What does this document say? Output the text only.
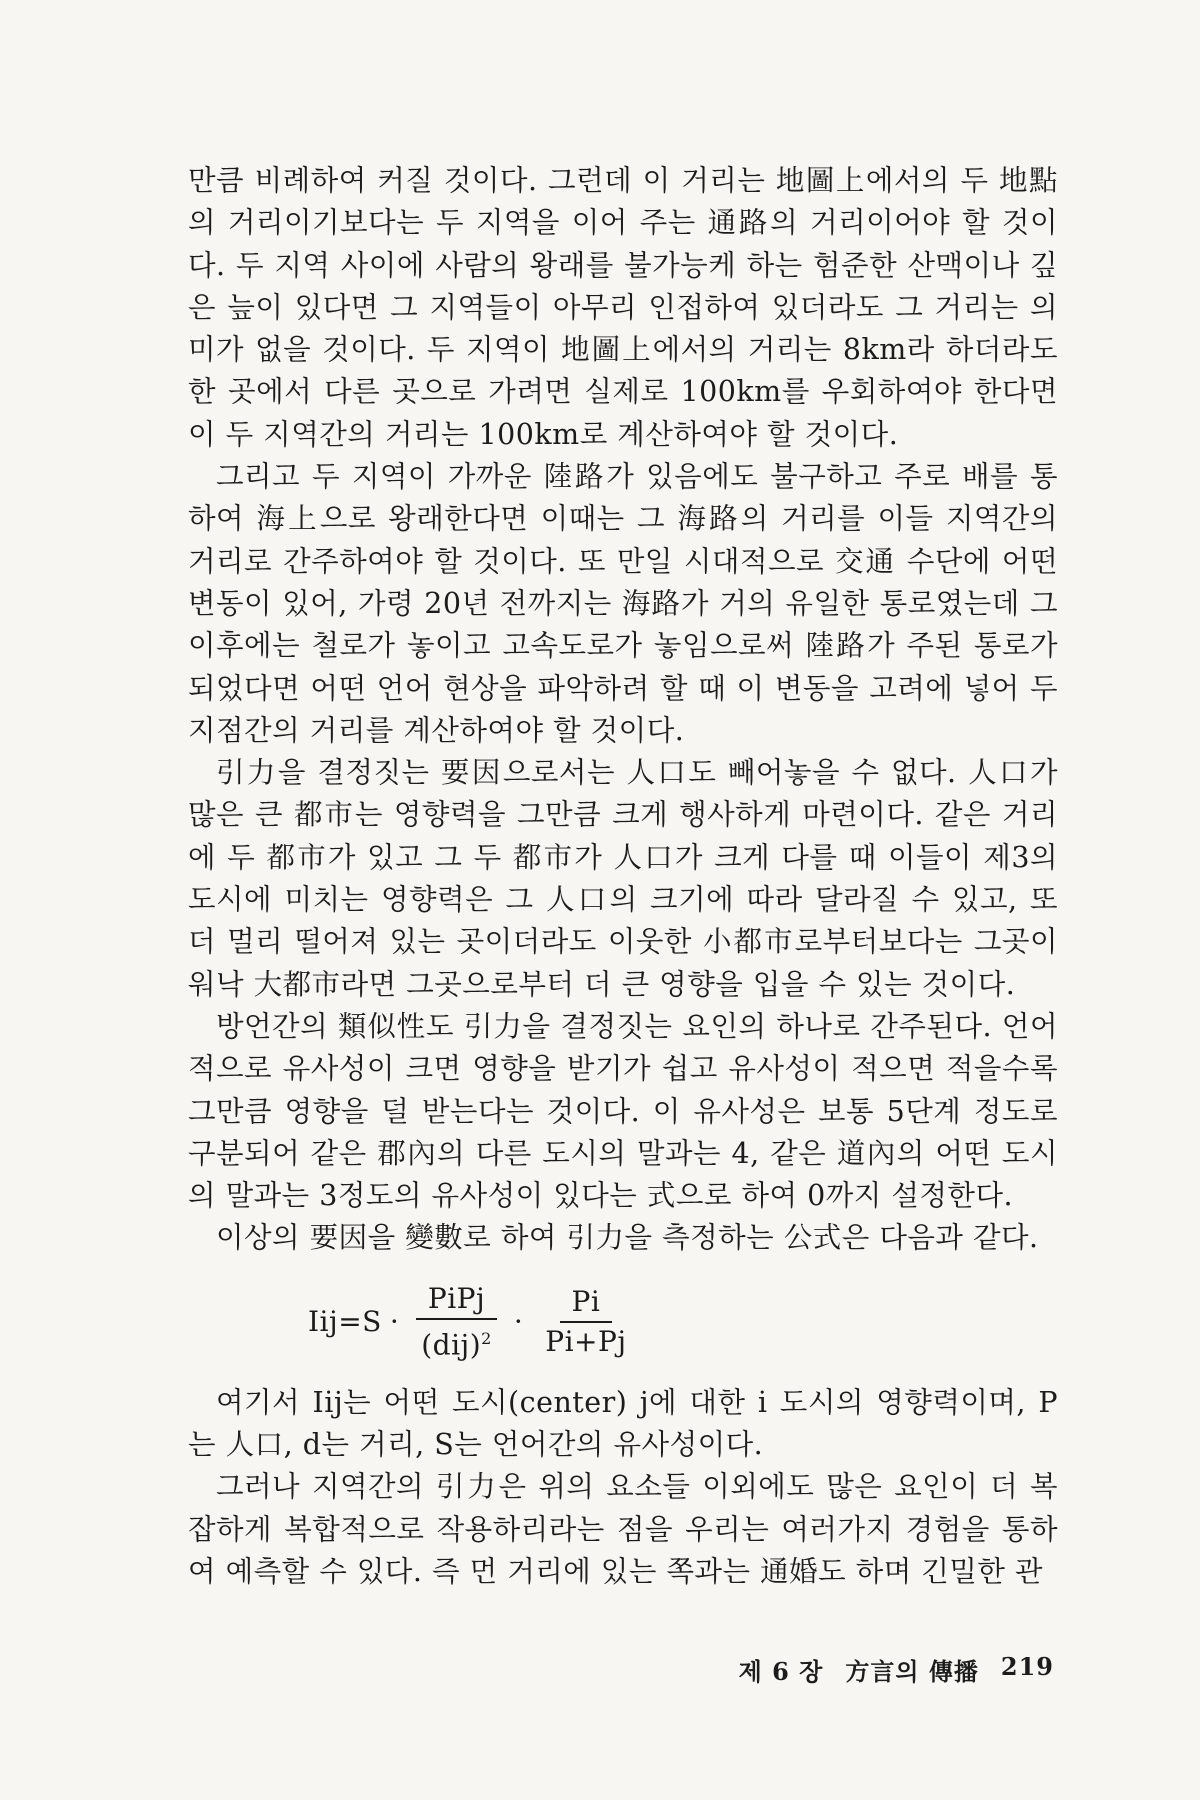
만큼 비례하여 커질 것이다. 그런데 이 거리는 地圖上에서의 두 地點의 거리이기보다는 두 지역을 이어 주는 通路의 거리이어야 할 것이다. 두 지역 사이에 사람의 왕래를 불가능케 하는 험준한 산맥이나 깊은 늪이 있다면 그 지역들이 아무리 인접하여 있더라도 그 거리는 의미가 없을 것이다. 두 지역이 地圖上에서의 거리는 8km라 하더라도 한 곳에서 다른 곳으로 가려면 실제로 100km를 우회하여야 한다면 이 두 지역간의 거리는 100km로 계산하여야 할 것이다.

그리고 두 지역이 가까운 陸路가 있음에도 불구하고 주로 배를 통하여 海上으로 왕래한다면 이때는 그 海路의 거리를 이들 지역간의 거리로 간주하여야 할 것이다. 또 만일 시대적으로 交通 수단에 어떤 변동이 있어, 가령 20년 전까지는 海路가 거의 유일한 통로였는데 그 이후에는 철로가 놓이고 고속도로가 놓임으로써 陸路가 주된 통로가 되었다면 어떤 언어 현상을 파악하려 할 때 이 변동을 고려에 넣어 두 지점간의 거리를 계산하여야 할 것이다.

引力을 결정짓는 要因으로서는 人口도 빼어놓을 수 없다. 人口가 많은 큰 都市는 영향력을 그만큼 크게 행사하게 마련이다. 같은 거리에 두 都市가 있고 그 두 都市가 人口가 크게 다를 때 이들이 제3의 도시에 미치는 영향력은 그 人口의 크기에 따라 달라질 수 있고, 또 더 멀리 떨어져 있는 곳이더라도 이웃한 小都市로부터보다는 그곳이 워낙 大都市라면 그곳으로부터 더 큰 영향을 입을 수 있는 것이다.

방언간의 類似性도 引力을 결정짓는 요인의 하나로 간주된다. 언어적으로 유사성이 크면 영향을 받기가 쉽고 유사성이 적으면 적을수록 그만큼 영향을 덜 받는다는 것이다. 이 유사성은 보통 5단계 정도로 구분되어 같은 郡內의 다른 도시의 말과는 4, 같은 道內의 어떤 도시의 말과는 3정도의 유사성이 있다는 式으로 하여 0까지 설정한다.

이상의 要因을 變數로 하여 引力을 측정하는 公式은 다음과 같다.

$Iij=S \cdot \frac{\text{PiPj}}{(dij)^2} \cdot \frac{Pi}{Pi+Pj}$

여기서 Iij는 어떤 도시(center) j에 대한 i 도시의 영향력이며, P는 人口, d는 거리, S는 언어간의 유사성이다.

그러나 지역간의 引力은 위의 요소들 이외에도 많은 요인이 더 복잡하게 복합적으로 작용하리라는 점을 우리는 여러가지 경험을 통하여 예측할 수 있다. 즉 먼 거리에 있는 쪽과는 通婚도 하며 긴밀한 관

제 6 장 方言의 傳播 219
